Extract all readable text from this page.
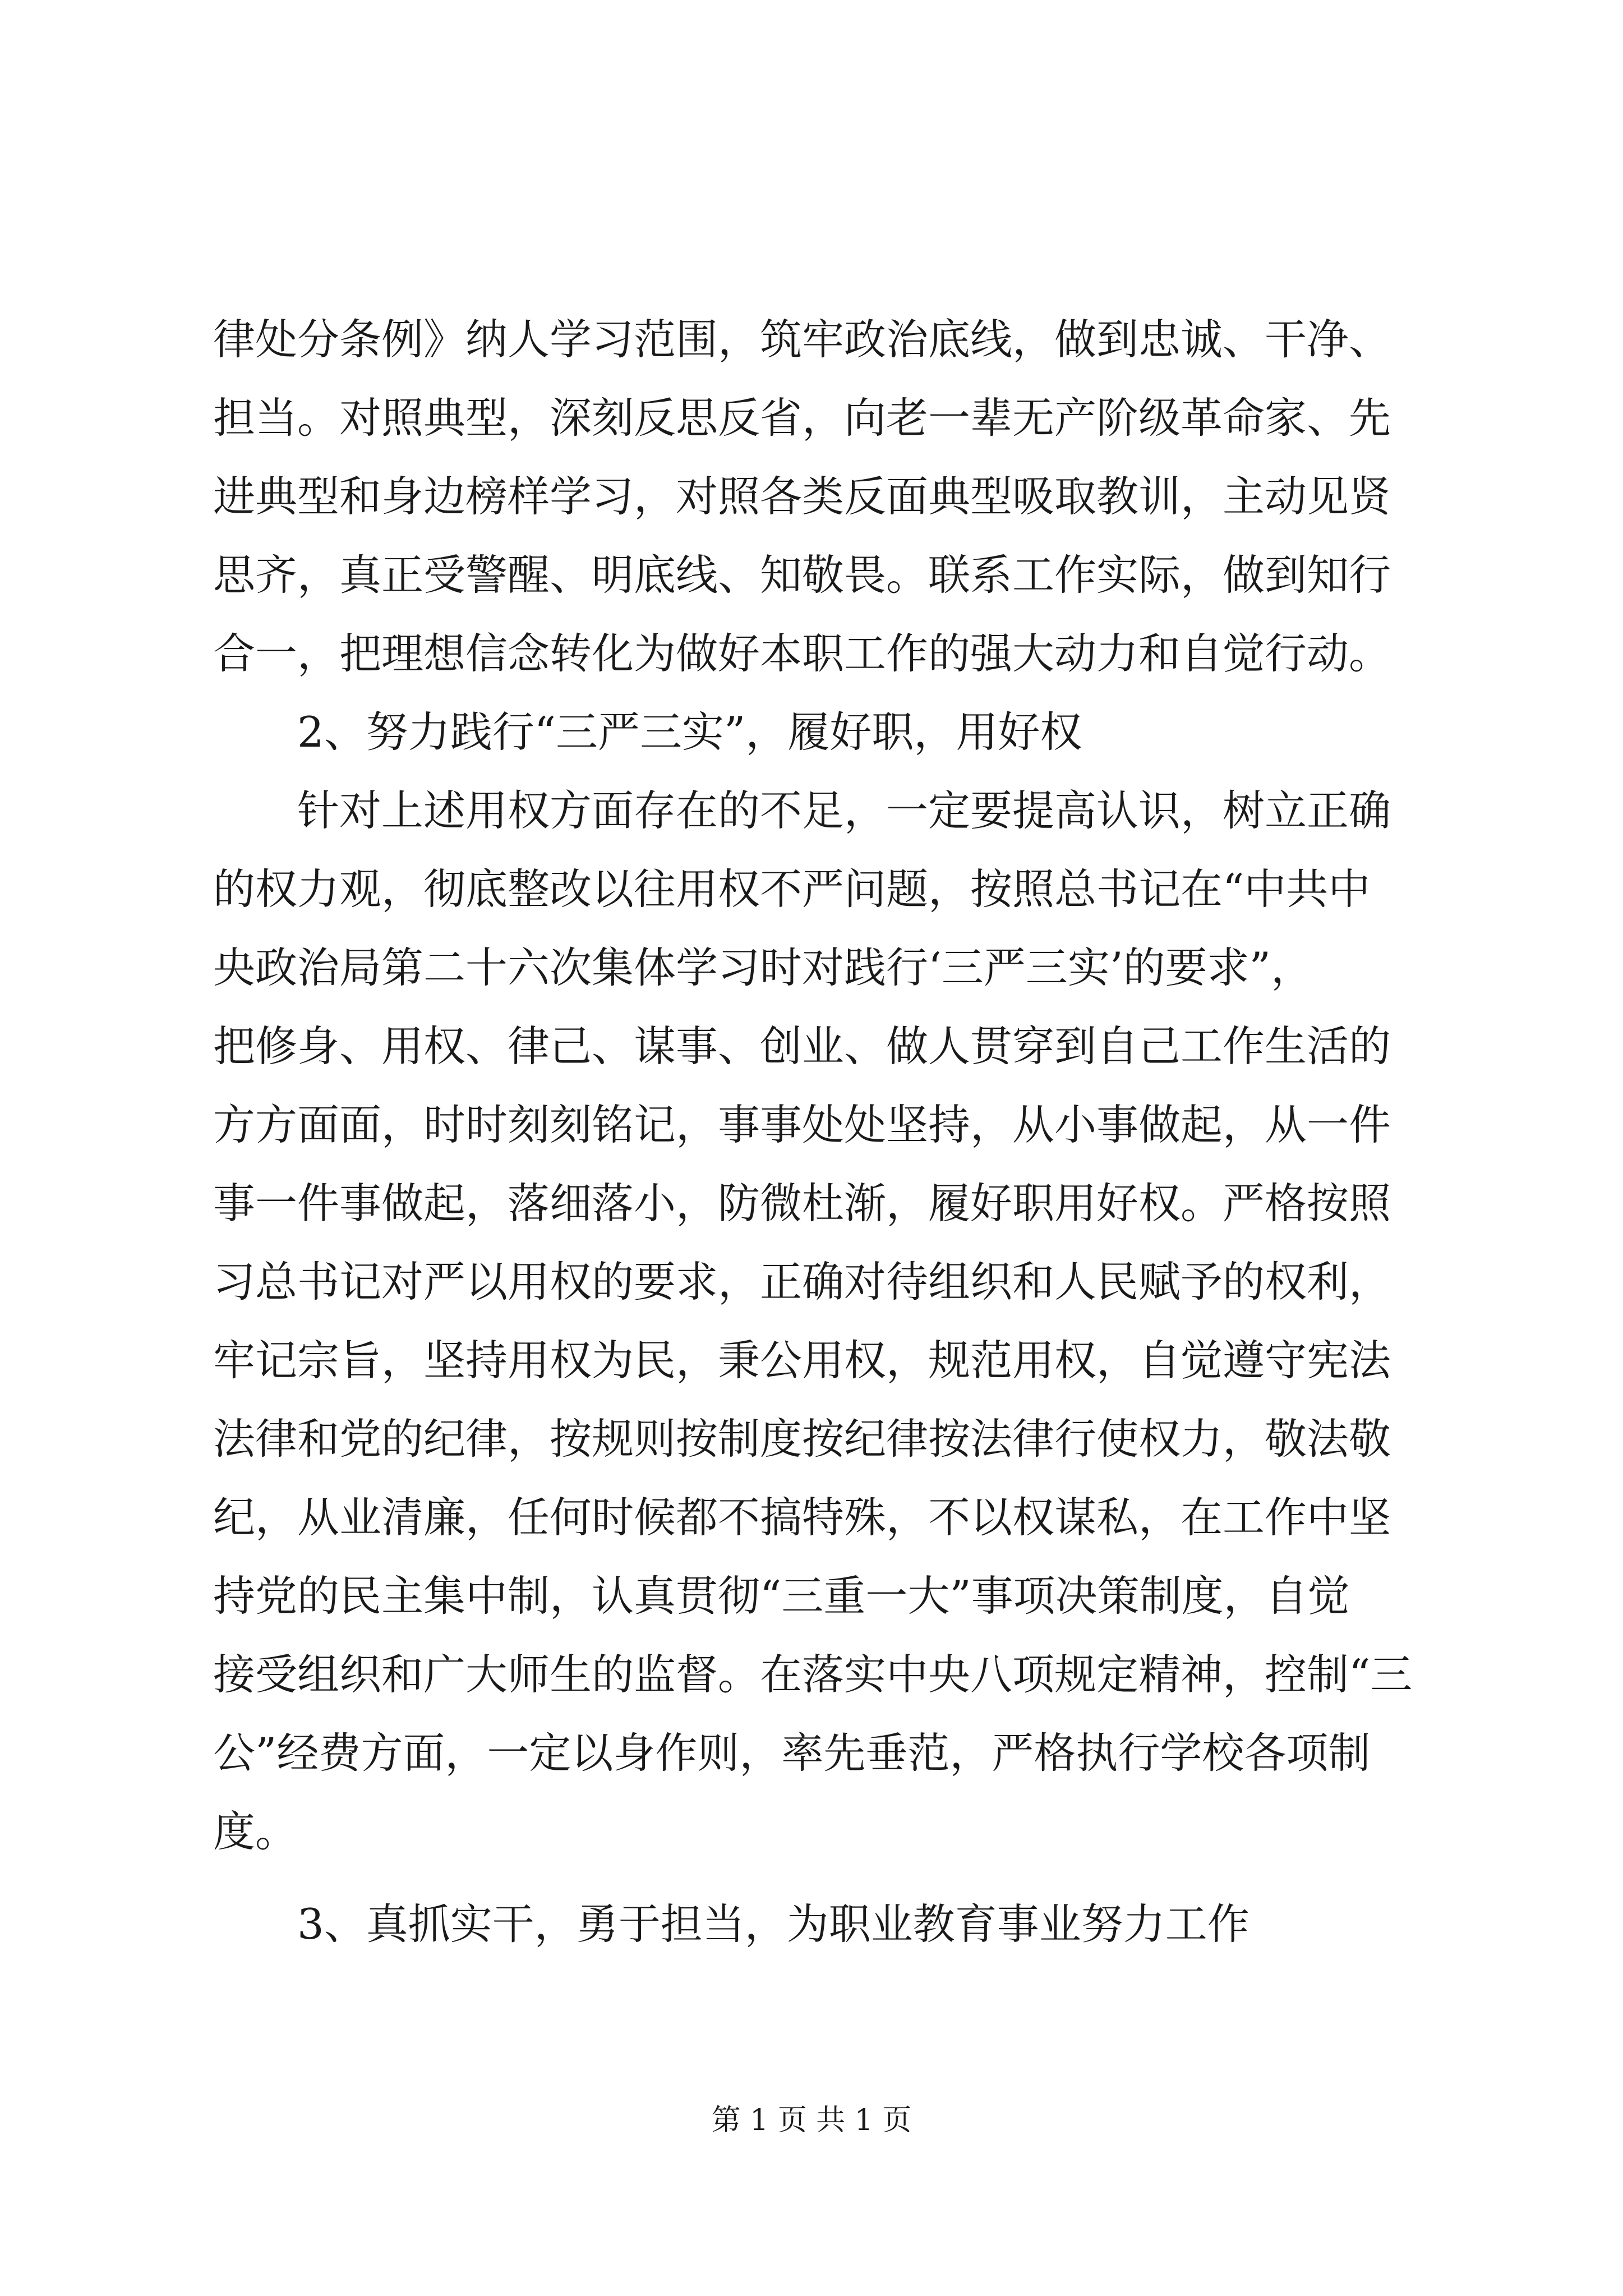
律处分条例》纳人学习范围，筑牢政治底线，做到忠诚、干净、
担当。对照典型，深刻反思反省，向老一辈无产阶级革命家、先
进典型和身边榜样学习，对照各类反面典型吸取教训，主动见贤
思齐，真正受警醒、明底线、知敬畏。联系工作实际，做到知行
合一，把理想信念转化为做好本职工作的强大动力和自觉行动。
2、努力践行“三严三实”，履好职，用好权
针对上述用权方面存在的不足，一定要提高认识，树立正确
的权力观，彻底整改以往用权不严问题，按照总书记在“中共中
央政治局第二十六次集体学习时对践行‘三严三实’的要求”，
把修身、用权、律己、谋事、创业、做人贯穿到自己工作生活的
方方面面，时时刻刻铭记，事事处处坚持，从小事做起，从一件
事一件事做起，落细落小，防微杜渐，履好职用好权。严格按照
习总书记对严以用权的要求，正确对待组织和人民赋予的权利，
牢记宗旨，坚持用权为民，秉公用权，规范用权，自觉遵守宪法
法律和党的纪律，按规则按制度按纪律按法律行使权力，敬法敬
纪，从业清廉，任何时候都不搞特殊，不以权谋私，在工作中坚
持党的民主集中制，认真贯彻“三重一大”事项决策制度，自觉
接受组织和广大师生的监督。在落实中央八项规定精神，控制“三
公”经费方面，一定以身作则，率先垂范，严格执行学校各项制
度。
3、真抓实干，勇于担当，为职业教育事业努力工作
第 1 页 共 1 页
